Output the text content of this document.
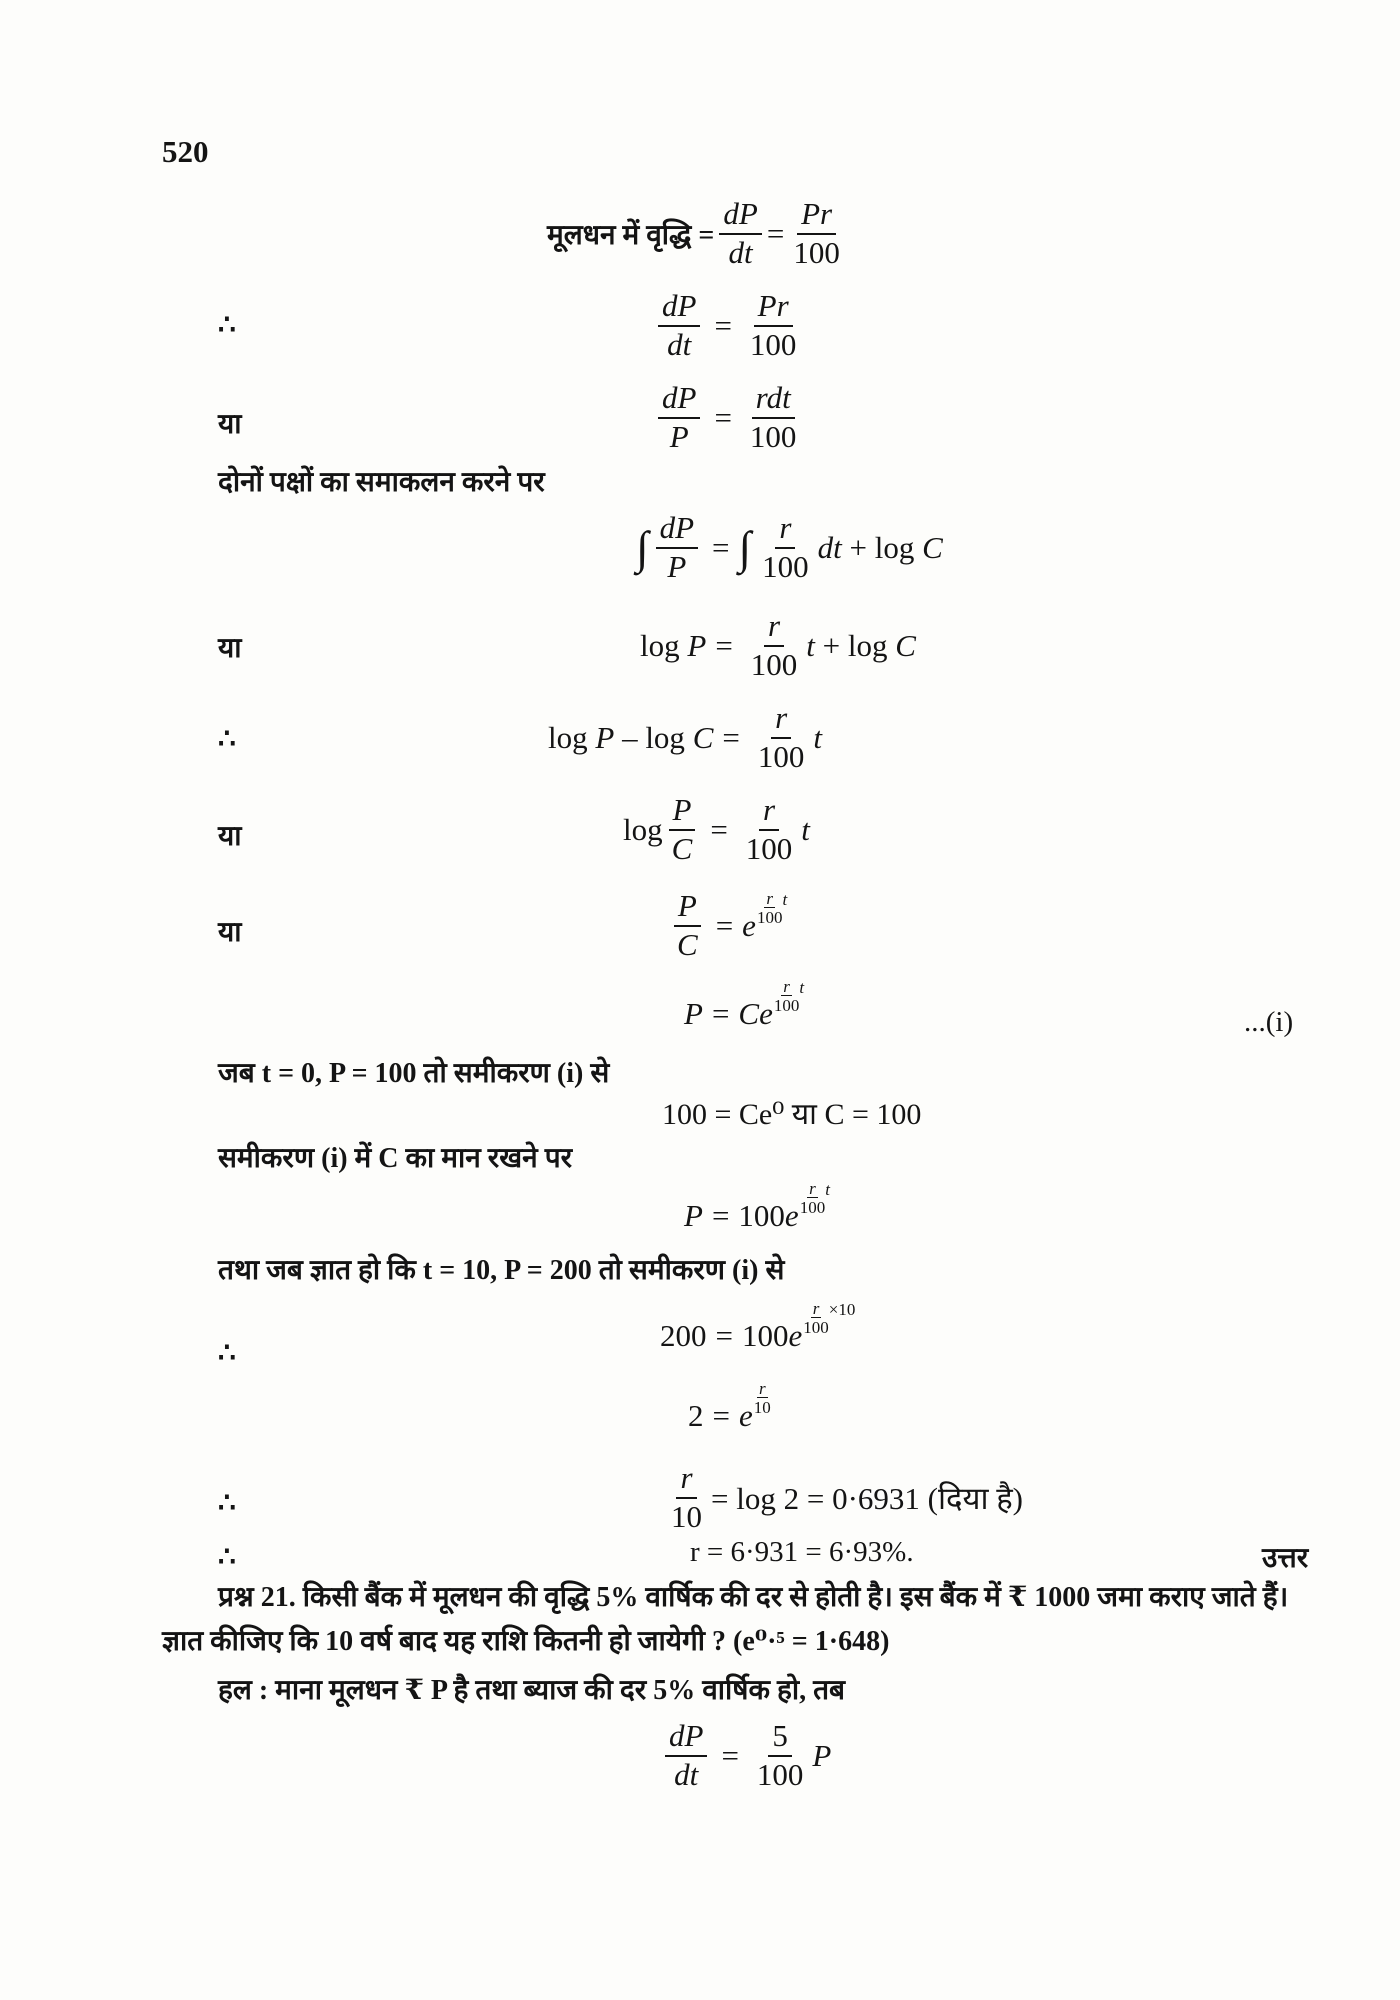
520
मूलधन में वृद्धि = $\frac{dP}{dt} = \frac{Pr}{100}$
∴	$\frac{dP}{dt} = \frac{Pr}{100}$
या	$\frac{dP}{P}$ =
rdt
100
दोनों पक्षों का समाकलन करने पर
∫ $\frac{dP}{P}$ = ∫ r
100
dt + log C
या	$\log P = \frac{r}{100}$ t + log C
∴	$\log P - \log C = \frac{r}{100}$ t
या	$\log \frac{P}{C} = \frac{r}{100}$ t
या	$\frac{P}{C} = e$
r
100
t
P = Ce
r
100
t
...(i)
जब t = 0, P = 100 तो समीकरण (i) से
100 = Ce⁰ या C = 100
समीकरण (i) में C का मान रखने पर
P = 100e
r
100
t
तथा जब ज्ञात हो कि t = 10, P = 200 तो समीकरण (i) से
∴
$200 = 100e \frac{r}{100} \times 10$
2 = e
r
10
∴	$\frac{r}{10} = \log 2 = 0\cdot 6931$ (दिया है)
∴	r = 6·931 = 6·93%.	उत्तर
प्रश्न 21. किसी बैंक में मूलधन की वृद्धि 5% वार्षिक की दर से होती है। इस बैंक में ₹ 1000 जमा कराए जाते हैं। ज्ञात कीजिए कि 10 वर्ष बाद यह राशि कितनी हो जायेगी ? (e⁰·⁵ = 1·648)
हल : माना मूलधन ₹ P है तथा ब्याज की दर 5% वार्षिक हो, तब
$\frac{dP}{dt} = \frac{5}{100}$ P
